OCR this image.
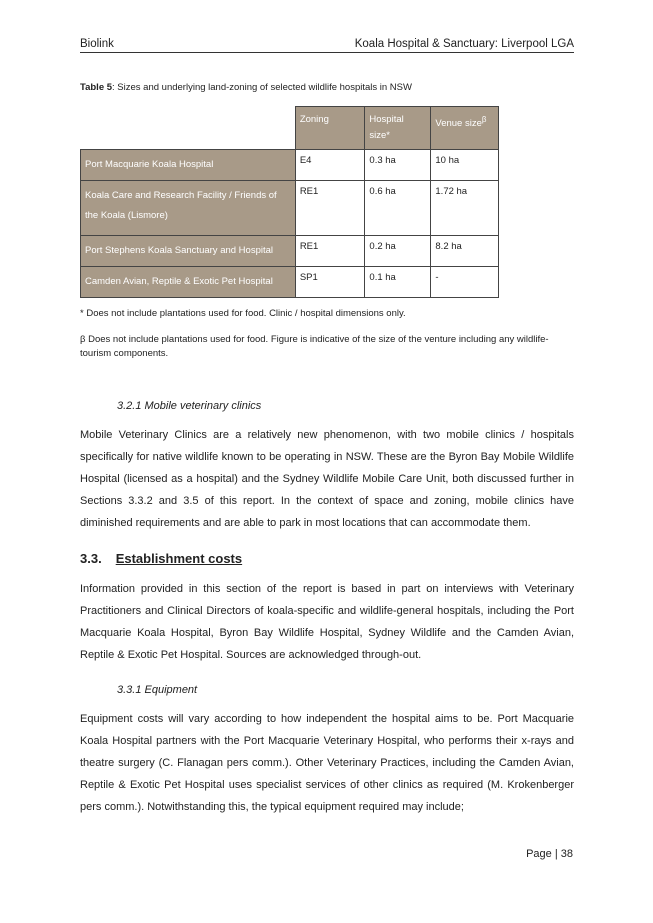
Biolink	Koala Hospital & Sanctuary: Liverpool LGA
Table 5: Sizes and underlying land-zoning of selected wildlife hospitals in NSW
	Zoning	Hospital size*	Venue size$^\beta$
Port Macquarie Koala Hospital	E4	0.3 ha	10 ha
Koala Care and Research Facility / Friends of the Koala (Lismore)	RE1	0.6 ha	1.72 ha
Port Stephens Koala Sanctuary and Hospital	RE1	0.2 ha	8.2 ha
Camden Avian, Reptile & Exotic Pet Hospital	SP1	0.1 ha	-
* Does not include plantations used for food. Clinic / hospital dimensions only.
β Does not include plantations used for food. Figure is indicative of the size of the venture including any wildlife-tourism components.
3.2.1 Mobile veterinary clinics
Mobile Veterinary Clinics are a relatively new phenomenon, with two mobile clinics / hospitals specifically for native wildlife known to be operating in NSW. These are the Byron Bay Mobile Wildlife Hospital (licensed as a hospital) and the Sydney Wildlife Mobile Care Unit, both discussed further in Sections 3.3.2 and 3.5 of this report. In the context of space and zoning, mobile clinics have diminished requirements and are able to park in most locations that can accommodate them.
3.3. Establishment costs
Information provided in this section of the report is based in part on interviews with Veterinary Practitioners and Clinical Directors of koala-specific and wildlife-general hospitals, including the Port Macquarie Koala Hospital, Byron Bay Wildlife Hospital, Sydney Wildlife and the Camden Avian, Reptile & Exotic Pet Hospital. Sources are acknowledged through-out.
3.3.1 Equipment
Equipment costs will vary according to how independent the hospital aims to be. Port Macquarie Koala Hospital partners with the Port Macquarie Veterinary Hospital, who performs their x-rays and theatre surgery (C. Flanagan pers comm.). Other Veterinary Practices, including the Camden Avian, Reptile & Exotic Pet Hospital uses specialist services of other clinics as required (M. Krokenberger pers comm.). Notwithstanding this, the typical equipment required may include;
Page | 38
